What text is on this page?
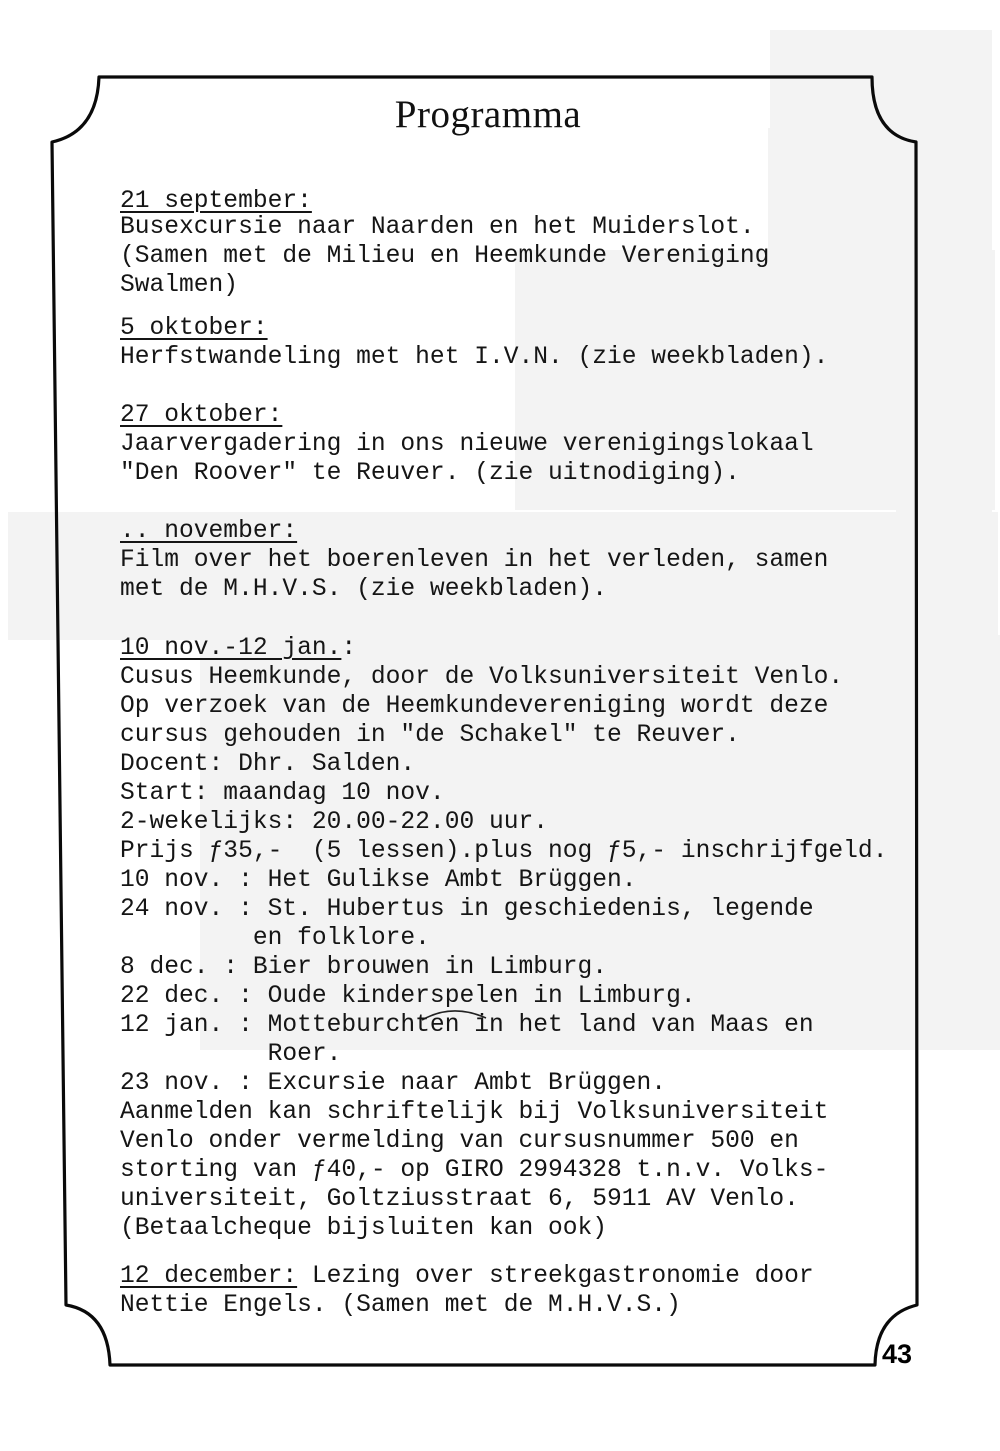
Programma
21 september:
Busexcursie naar Naarden en het Muiderslot.
(Samen met de Milieu en Heemkunde Vereniging
Swalmen)
5 oktober:
Herfstwandeling met het I.V.N. (zie weekbladen).
27 oktober:
Jaarvergadering in ons nieuwe verenigingslokaal
"Den Roover" te Reuver. (zie uitnodiging).
.. november:
Film over het boerenleven in het verleden, samen
met de M.H.V.S. (zie weekbladen).
10 nov.-12 jan.:
Cusus Heemkunde, door de Volksuniversiteit Venlo.
Op verzoek van de Heemkundevereniging wordt deze
cursus gehouden in "de Schakel" te Reuver.
Docent: Dhr. Salden.
Start: maandag 10 nov.
2-wekelijks: 20.00-22.00 uur.
Prijs ƒ35,-  (5 lessen).plus nog ƒ5,- inschrijfgeld.
10 nov. : Het Gulikse Ambt Brüggen.
24 nov. : St. Hubertus in geschiedenis, legende
en folklore.
8 dec. : Bier brouwen in Limburg.
22 dec. : Oude kinderspelen in Limburg.
12 jan. : Motteburchten in het land van Maas en
Roer.
23 nov. : Excursie naar Ambt Brüggen.
Aanmelden kan schriftelijk bij Volksuniversiteit
Venlo onder vermelding van cursusnummer 500 en
storting van ƒ40,- op GIRO 2994328 t.n.v. Volks-
universiteit, Goltziusstraat 6, 5911 AV Venlo.
(Betaalcheque bijsluiten kan ook)
12 december: Lezing over streekgastronomie door
Nettie Engels. (Samen met de M.H.V.S.)
43
